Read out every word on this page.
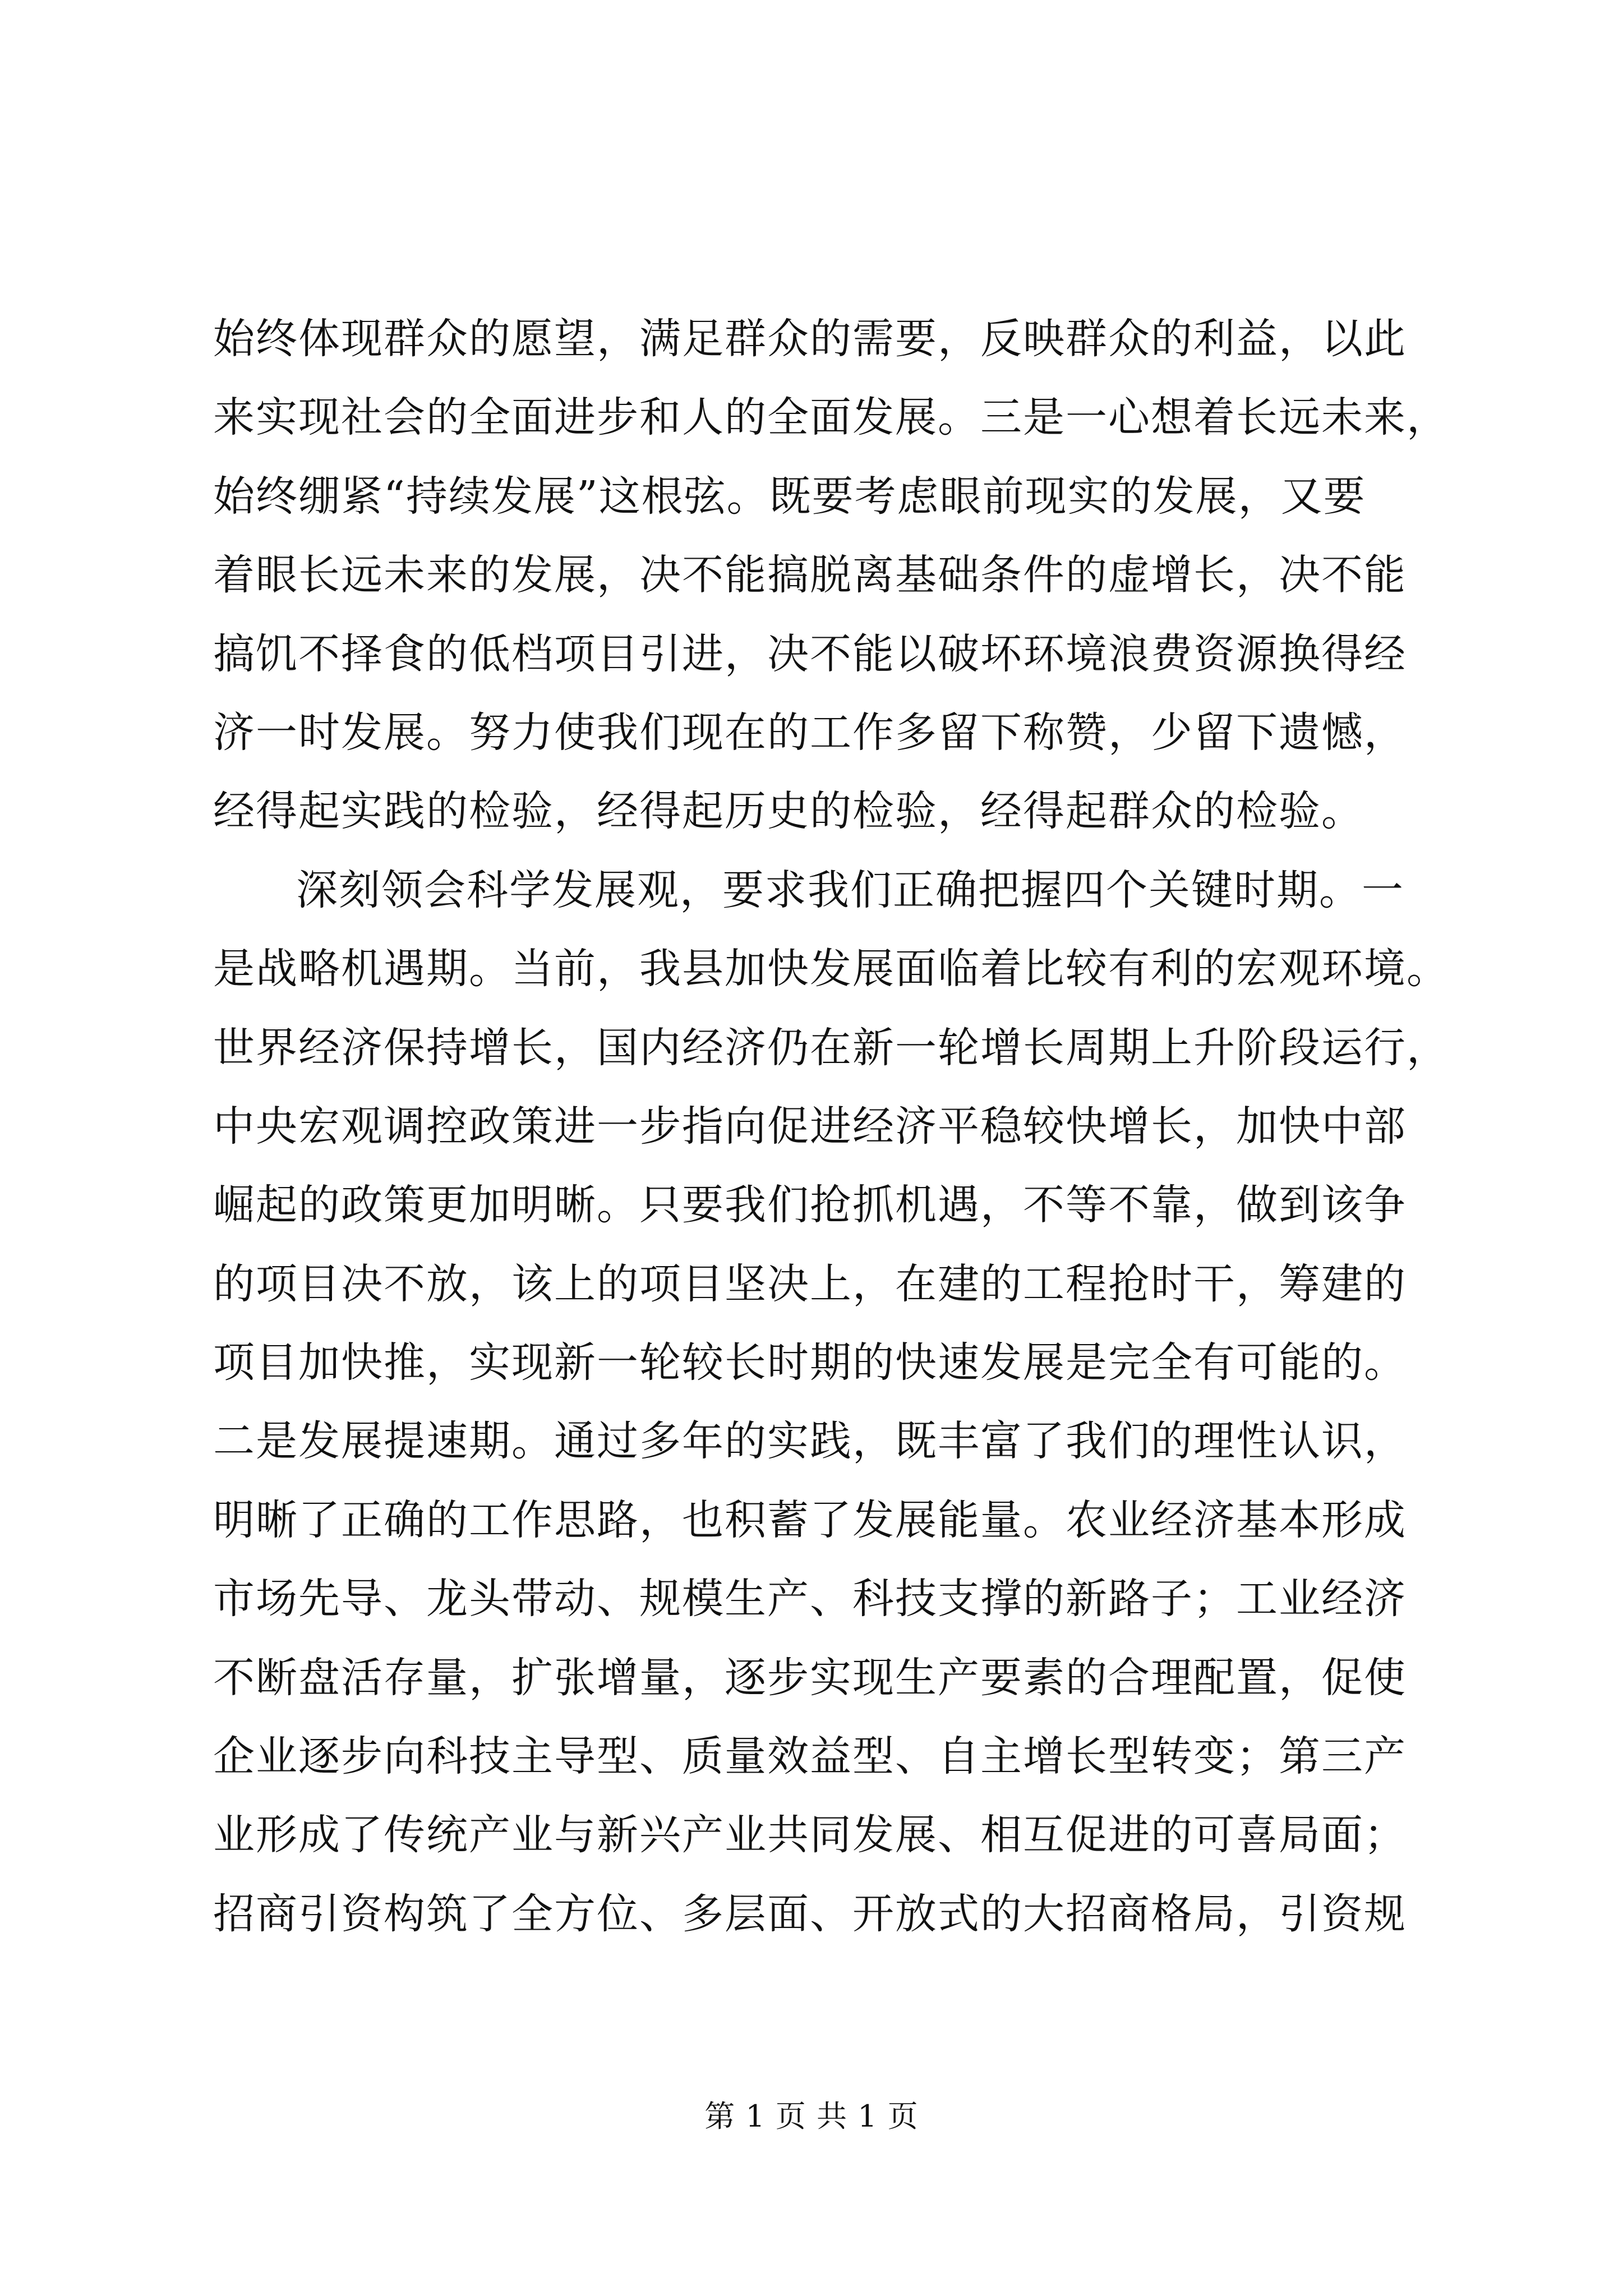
始终体现群众的愿望，满足群众的需要，反映群众的利益，以此
来实现社会的全面进步和人的全面发展。三是一心想着长远未来，
始终绷紧“持续发展”这根弦。既要考虑眼前现实的发展，又要
着眼长远未来的发展，决不能搞脱离基础条件的虚增长，决不能
搞饥不择食的低档项目引进，决不能以破坏环境浪费资源换得经
济一时发展。努力使我们现在的工作多留下称赞，少留下遗憾，
经得起实践的检验，经得起历史的检验，经得起群众的检验。
深刻领会科学发展观，要求我们正确把握四个关键时期。一
是战略机遇期。当前，我县加快发展面临着比较有利的宏观环境。
世界经济保持增长，国内经济仍在新一轮增长周期上升阶段运行，
中央宏观调控政策进一步指向促进经济平稳较快增长，加快中部
崛起的政策更加明晰。只要我们抢抓机遇，不等不靠，做到该争
的项目决不放，该上的项目坚决上，在建的工程抢时干，筹建的
项目加快推，实现新一轮较长时期的快速发展是完全有可能的。
二是发展提速期。通过多年的实践，既丰富了我们的理性认识，
明晰了正确的工作思路，也积蓄了发展能量。农业经济基本形成
市场先导、龙头带动、规模生产、科技支撑的新路子；工业经济
不断盘活存量，扩张增量，逐步实现生产要素的合理配置，促使
企业逐步向科技主导型、质量效益型、自主增长型转变；第三产
业形成了传统产业与新兴产业共同发展、相互促进的可喜局面；
招商引资构筑了全方位、多层面、开放式的大招商格局，引资规
第 1 页 共 1 页
